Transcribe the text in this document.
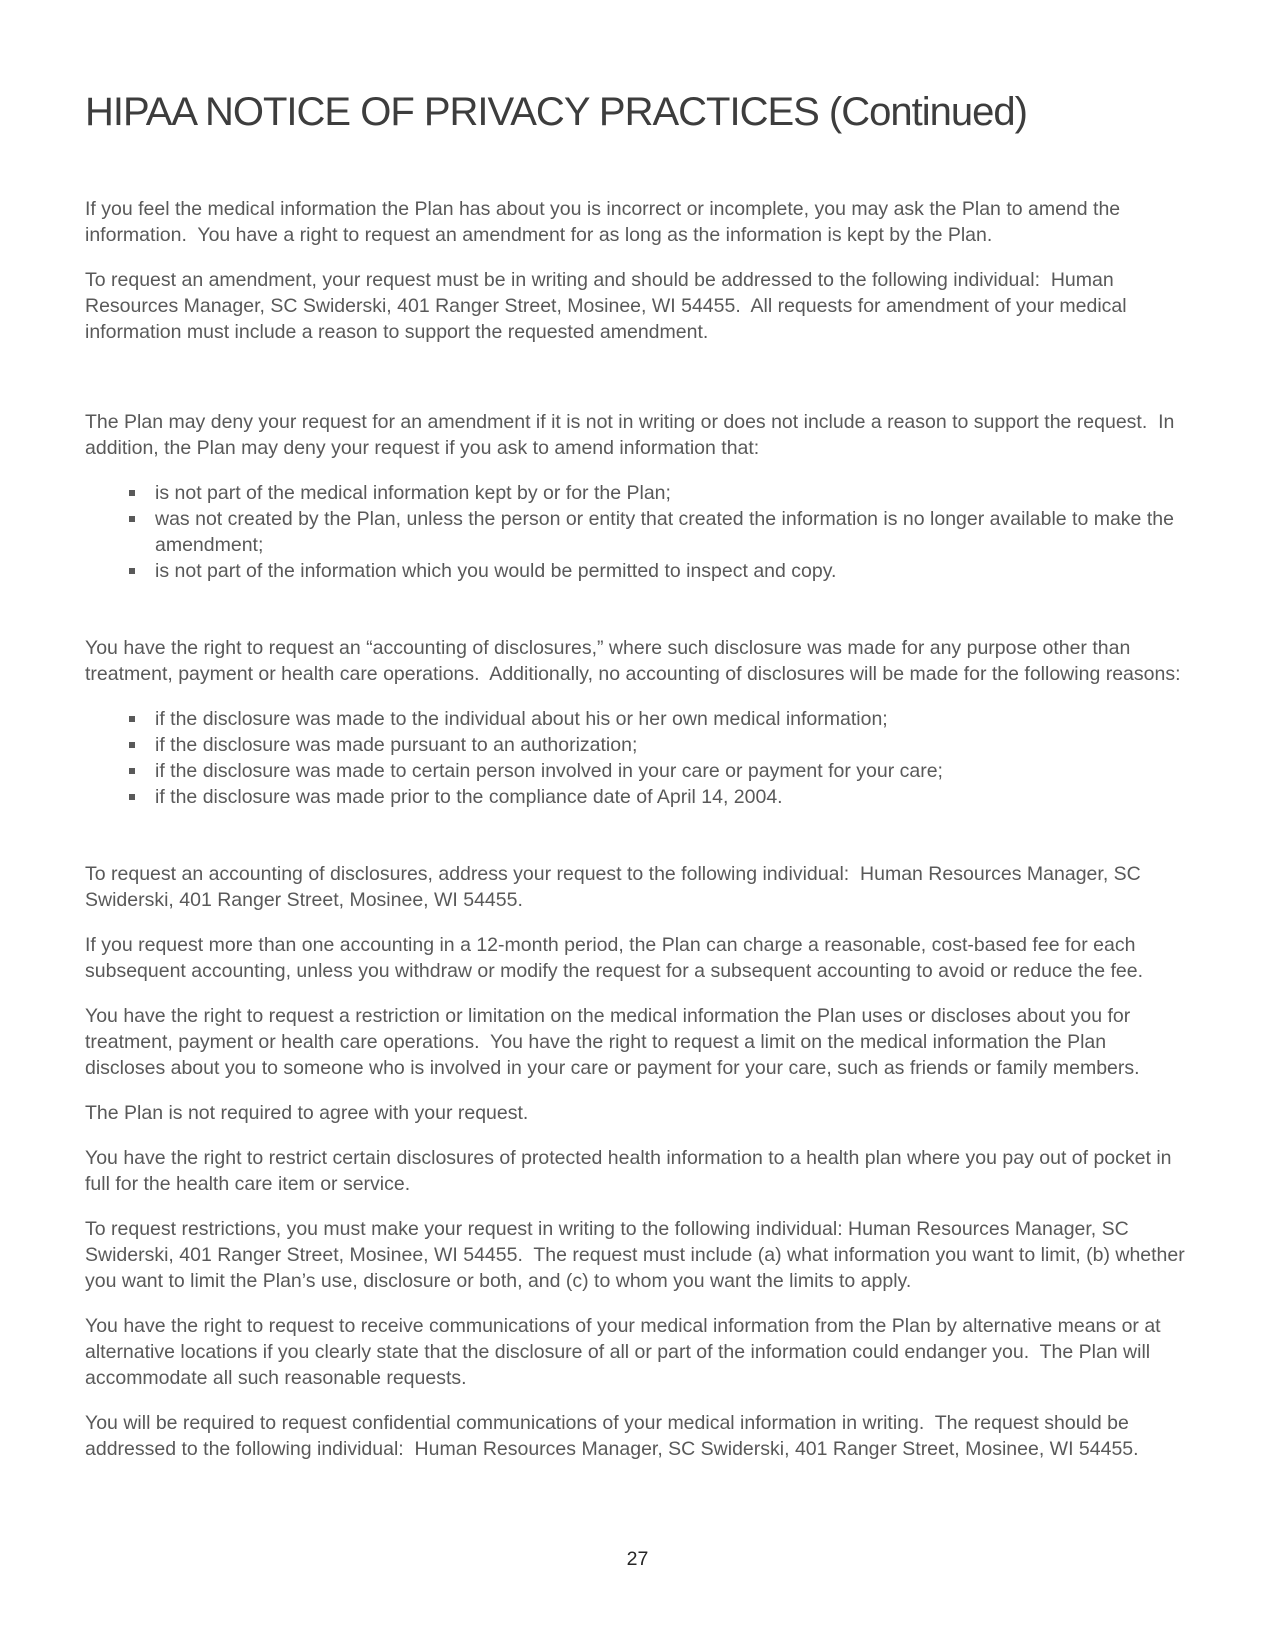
HIPAA NOTICE OF PRIVACY PRACTICES (Continued)

If you feel the medical information the Plan has about you is incorrect or incomplete, you may ask the Plan to amend the information.  You have a right to request an amendment for as long as the information is kept by the Plan.

To request an amendment, your request must be in writing and should be addressed to the following individual:  Human Resources Manager, SC Swiderski, 401 Ranger Street, Mosinee, WI 54455.  All requests for amendment of your medical information must include a reason to support the requested amendment.

The Plan may deny your request for an amendment if it is not in writing or does not include a reason to support the request.  In addition, the Plan may deny your request if you ask to amend information that:

is not part of the medical information kept by or for the Plan;
was not created by the Plan, unless the person or entity that created the information is no longer available to make the amendment;
is not part of the information which you would be permitted to inspect and copy.

You have the right to request an “accounting of disclosures,” where such disclosure was made for any purpose other than treatment, payment or health care operations.  Additionally, no accounting of disclosures will be made for the following reasons:

if the disclosure was made to the individual about his or her own medical information;
if the disclosure was made pursuant to an authorization;
if the disclosure was made to certain person involved in your care or payment for your care;
if the disclosure was made prior to the compliance date of April 14, 2004.

To request an accounting of disclosures, address your request to the following individual:  Human Resources Manager, SC Swiderski, 401 Ranger Street, Mosinee, WI 54455.

If you request more than one accounting in a 12-month period, the Plan can charge a reasonable, cost-based fee for each subsequent accounting, unless you withdraw or modify the request for a subsequent accounting to avoid or reduce the fee.

You have the right to request a restriction or limitation on the medical information the Plan uses or discloses about you for treatment, payment or health care operations.  You have the right to request a limit on the medical information the Plan discloses about you to someone who is involved in your care or payment for your care, such as friends or family members.

The Plan is not required to agree with your request.

You have the right to restrict certain disclosures of protected health information to a health plan where you pay out of pocket in full for the health care item or service.

To request restrictions, you must make your request in writing to the following individual: Human Resources Manager, SC Swiderski, 401 Ranger Street, Mosinee, WI 54455.  The request must include (a) what information you want to limit, (b) whether you want to limit the Plan’s use, disclosure or both, and (c) to whom you want the limits to apply.

You have the right to request to receive communications of your medical information from the Plan by alternative means or at alternative locations if you clearly state that the disclosure of all or part of the information could endanger you.  The Plan will accommodate all such reasonable requests.

You will be required to request confidential communications of your medical information in writing.  The request should be addressed to the following individual:  Human Resources Manager, SC Swiderski, 401 Ranger Street, Mosinee, WI 54455.

27
